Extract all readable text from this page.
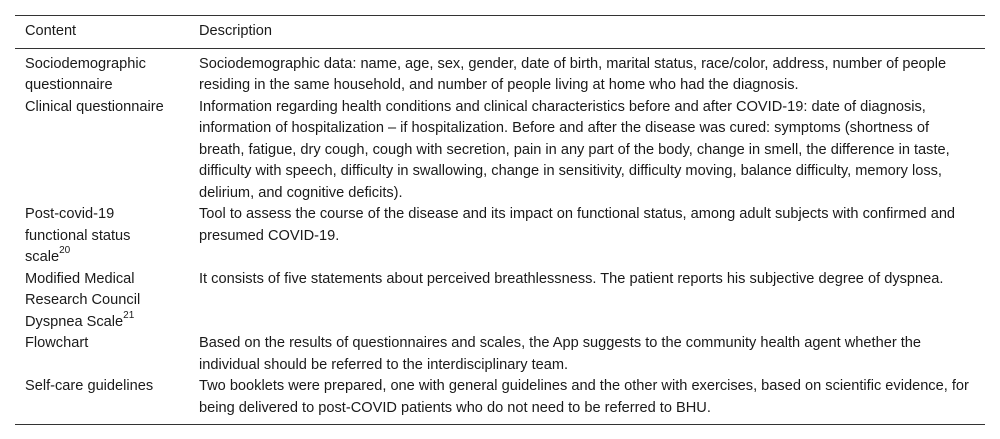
Content	Description
Sociodemographic questionnaire	Sociodemographic data: name, age, sex, gender, date of birth, marital status, race/color, address, number of people residing in the same household, and number of people living at home who had the diagnosis.
Clinical questionnaire	Information regarding health conditions and clinical characteristics before and after COVID-19: date of diagnosis, information of hospitalization – if hospitalization. Before and after the disease was cured: symptoms (shortness of breath, fatigue, dry cough, cough with secretion, pain in any part of the body, change in smell, the difference in taste, difficulty with speech, difficulty in swallowing, change in sensitivity, difficulty moving, balance difficulty, memory loss, delirium, and cognitive deficits).
Post-covid-19 functional status scale$^{20}$	Tool to assess the course of the disease and its impact on functional status, among adult subjects with confirmed and presumed COVID-19.
Modified Medical Research Council Dyspnea Scale$^{21}$	It consists of five statements about perceived breathlessness. The patient reports his subjective degree of dyspnea.
Flowchart	Based on the results of questionnaires and scales, the App suggests to the community health agent whether the individual should be referred to the interdisciplinary team.
Self-care guidelines	Two booklets were prepared, one with general guidelines and the other with exercises, based on scientific evidence, for being delivered to post-COVID patients who do not need to be referred to BHU.
